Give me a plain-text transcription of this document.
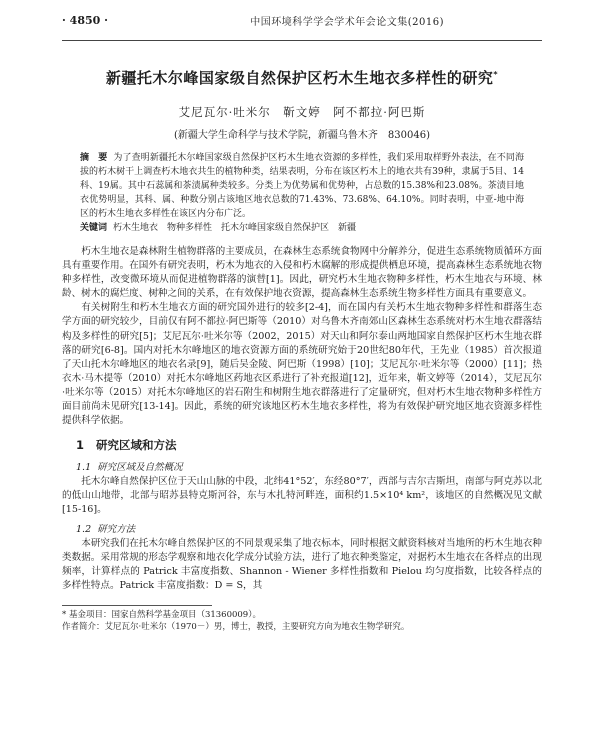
· 4850 ·	中国环境科学学会学术年会论文集(2016)
新疆托木尔峰国家级自然保护区朽木生地衣多样性的研究*
艾尼瓦尔·吐米尔　靳文婷　阿不都拉·阿巴斯
(新疆大学生命科学与技术学院，新疆乌鲁木齐　830046)
摘　要 为了查明新疆托木尔峰国家级自然保护区朽木生地衣资源的多样性，我们采用取样野外表法，在不同海拔的朽木树干上调查朽木地衣共生的植物种类，结果表明，分布在该区朽木上的地衣共有39种，隶属于5目、14科、19属。其中石蕊属和茶渍属种类较多。分类上为优势属和优势种，占总数的15.38%和23.08%。茶渍目地衣优势明显，其科、属、种数分别占该地区地衣总数的71.43%、73.68%、64.10%。同时表明，中亚-地中海区的朽木生地衣多样性在该区内分布广泛。
关键词 朽木生地衣　物种多样性　托木尔峰国家级自然保护区　新疆

朽木生地衣是森林附生植物群落的主要成员，在森林生态系统食物网中分解养分，促进生态系统物质循环方面具有重要作用。在国外有研究表明，朽木为地衣的入侵和朽木腐解的形成提供栖息环境，提高森林生态系统地衣物种多样性，改变微环境从而促进植物群落的演替[1]。因此，研究朽木生地衣物种多样性，朽木生地衣与环境、林龄、树木的腐烂度、树种之间的关系，在有效保护地衣资源，提高森林生态系统生物多样性方面具有重要意义。

有关树附生和朽木生地衣方面的研究国外进行的较多[2-4]，而在国内有关朽木生地衣物种多样性和群落生态学方面的研究较少，目前仅有阿不都拉·阿巴斯等（2010）对乌鲁木齐南郊山区森林生态系统对朽木生地衣群落结构及多样性的研究[5]；艾尼瓦尔·吐米尔等（2002，2015）对天山和阿尔泰山两地国家自然保护区朽木生地衣群落的研究[6-8]。国内对托木尔峰地区的地衣资源方面的系统研究始于20世纪80年代，王先业（1985）首次报道了天山托木尔峰地区的地衣名录[9]，随后吴金陵、阿巴斯（1998）[10]；艾尼瓦尔·吐米尔等（2000）[11]；热衣木·马木提等（2010）对托木尔峰地区药地衣区系进行了补充报道[12]，近年来，靳文婷等（2014），艾尼瓦尔·吐米尔等（2015）对托木尔峰地区的岩石附生和树附生地衣群落进行了定量研究，但对朽木生地衣物种多样性方面目前尚未见研究[13-14]。因此，系统的研究该地区朽木生地衣多样性，将为有效保护研究地区地衣资源多样性提供科学依据。

1 研究区域和方法
1.1 研究区域及自然概况

托木尔峰自然保护区位于天山山脉的中段，北纬41°52′，东经80°7′，西部与吉尔吉斯坦，南部与阿克苏以北的低山山地带，北部与昭苏县特克斯河谷，东与木扎特河畔连，面积约1.5×10⁴ km²，该地区的自然概况见文献[15-16]。

1.2 研究方法

本研究我们在托木尔峰自然保护区的不同景观采集了地衣标本，同时根据文献资料核对当地所的朽木生地衣种类数据。采用常规的形态学观察和地衣化学成分试验方法，进行了地衣种类鉴定，对据朽木生地衣在各样点的出现频率，计算样点的 Patrick 丰富度指数、Shannon - Wiener 多样性指数和 Pielou 均匀度指数，比较各样点的多样性特点。Patrick 丰富度指数：D = S，其

* 基金项目：国家自然科学基金项目（31360009）。
作者简介：艾尼瓦尔·吐米尔（1970－）男，博士，教授，主要研究方向为地衣生物学研究。
